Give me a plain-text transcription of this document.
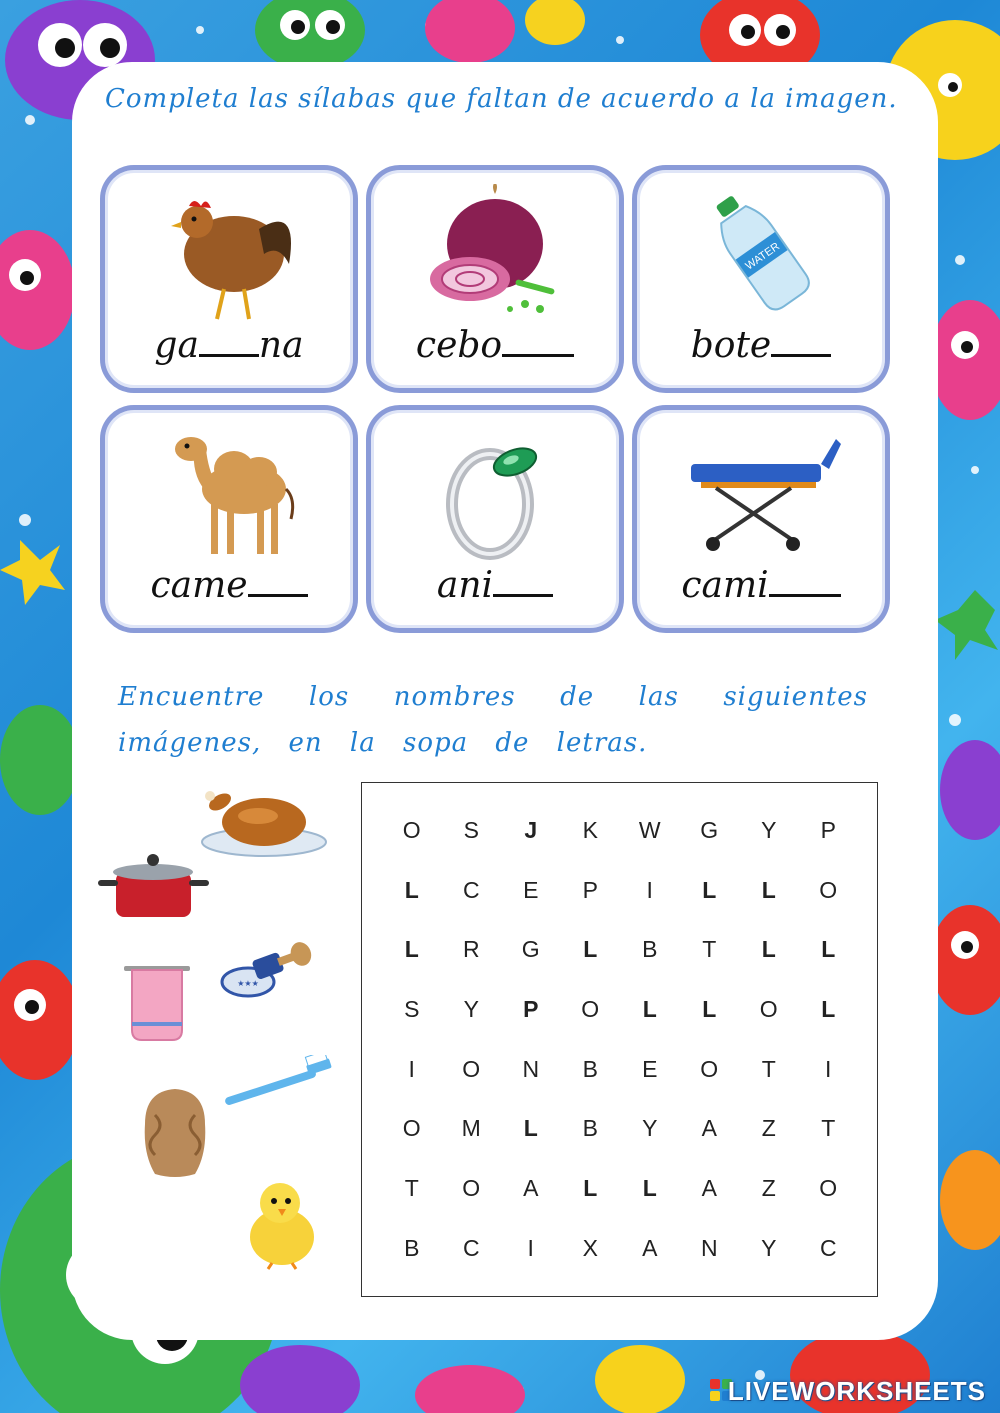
Completa las sílabas que faltan de acuerdo a la imagen.
ga na	cebo
WATER
bote
came	ani	cami
Encuentre los nombres de las siguientes imágenes, en la sopa de letras.
★★★
O	S	J	K	W	G	Y	P
L	C	E	P	I	L	L	O
L	R	G	L	B	T	L	L
S	Y	P	O	L	L	O	L
I	O	N	B	E	O	T	I
O	M	L	B	Y	A	Z	T
T	O	A	L	L	A	Z	O
B	C	I	X	A	N	Y	C
LIVEWORKSHEETS
